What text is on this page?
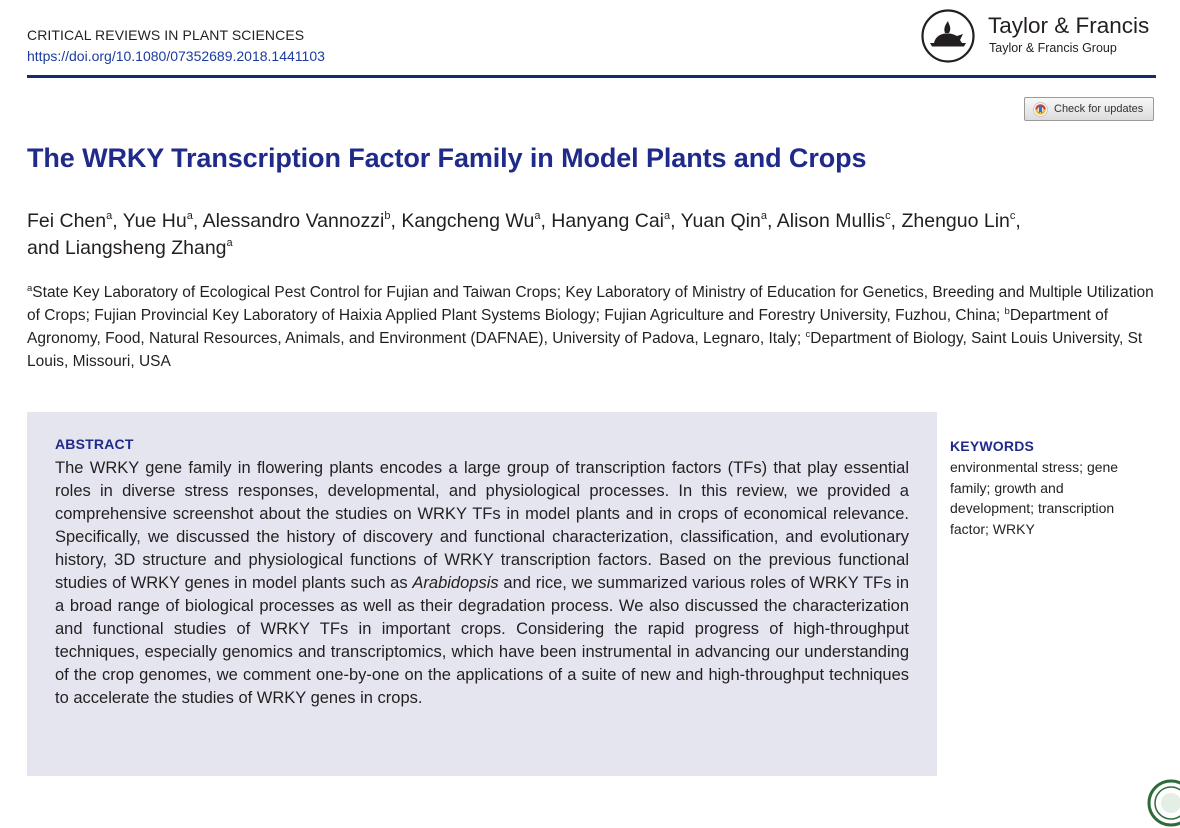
CRITICAL REVIEWS IN PLANT SCIENCES
https://doi.org/10.1080/07352689.2018.1441103
Taylor & Francis
Taylor & Francis Group
Check for updates
The WRKY Transcription Factor Family in Model Plants and Crops

Fei Chen$^a$, Yue Hu$^a$, Alessandro Vannozzi$^b$, Kangcheng Wu$^a$, Hanyang Cai$^a$, Yuan Qin$^a$, Alison Mullis$^c$, Zhenguo Lin$^c$,
and Liangsheng Zhang$^a$

$^a$State Key Laboratory of Ecological Pest Control for Fujian and Taiwan Crops; Key Laboratory of Ministry of Education for Genetics, Breeding and Multiple Utilization of Crops; Fujian Provincial Key Laboratory of Haixia Applied Plant Systems Biology; Fujian Agriculture and Forestry University, Fuzhou, China; $^b$Department of Agronomy, Food, Natural Resources, Animals, and Environment (DAFNAE), University of Padova, Legnaro, Italy; $^c$Department of Biology, Saint Louis University, St Louis, Missouri, USA

ABSTRACT

The WRKY gene family in flowering plants encodes a large group of transcription factors (TFs) that play essential roles in diverse stress responses, developmental, and physiological processes. In this review, we provided a comprehensive screenshot about the studies on WRKY TFs in model plants and in crops of economical relevance. Specifically, we discussed the history of discovery and functional characterization, classification, and evolutionary history, 3D structure and physiological functions of WRKY transcription factors. Based on the previous functional studies of WRKY genes in model plants such as Arabidopsis and rice, we summarized various roles of WRKY TFs in a broad range of biological processes as well as their degradation process. We also discussed the characterization and functional studies of WRKY TFs in important crops. Considering the rapid progress of high-throughput techniques, especially genomics and transcriptomics, which have been instrumental in advancing our understanding of the crop genomes, we comment one-by-one on the applications of a suite of new and high-throughput techniques to accelerate the studies of WRKY genes in crops.

KEYWORDS

environmental stress; gene family; growth and development; transcription factor; WRKY
